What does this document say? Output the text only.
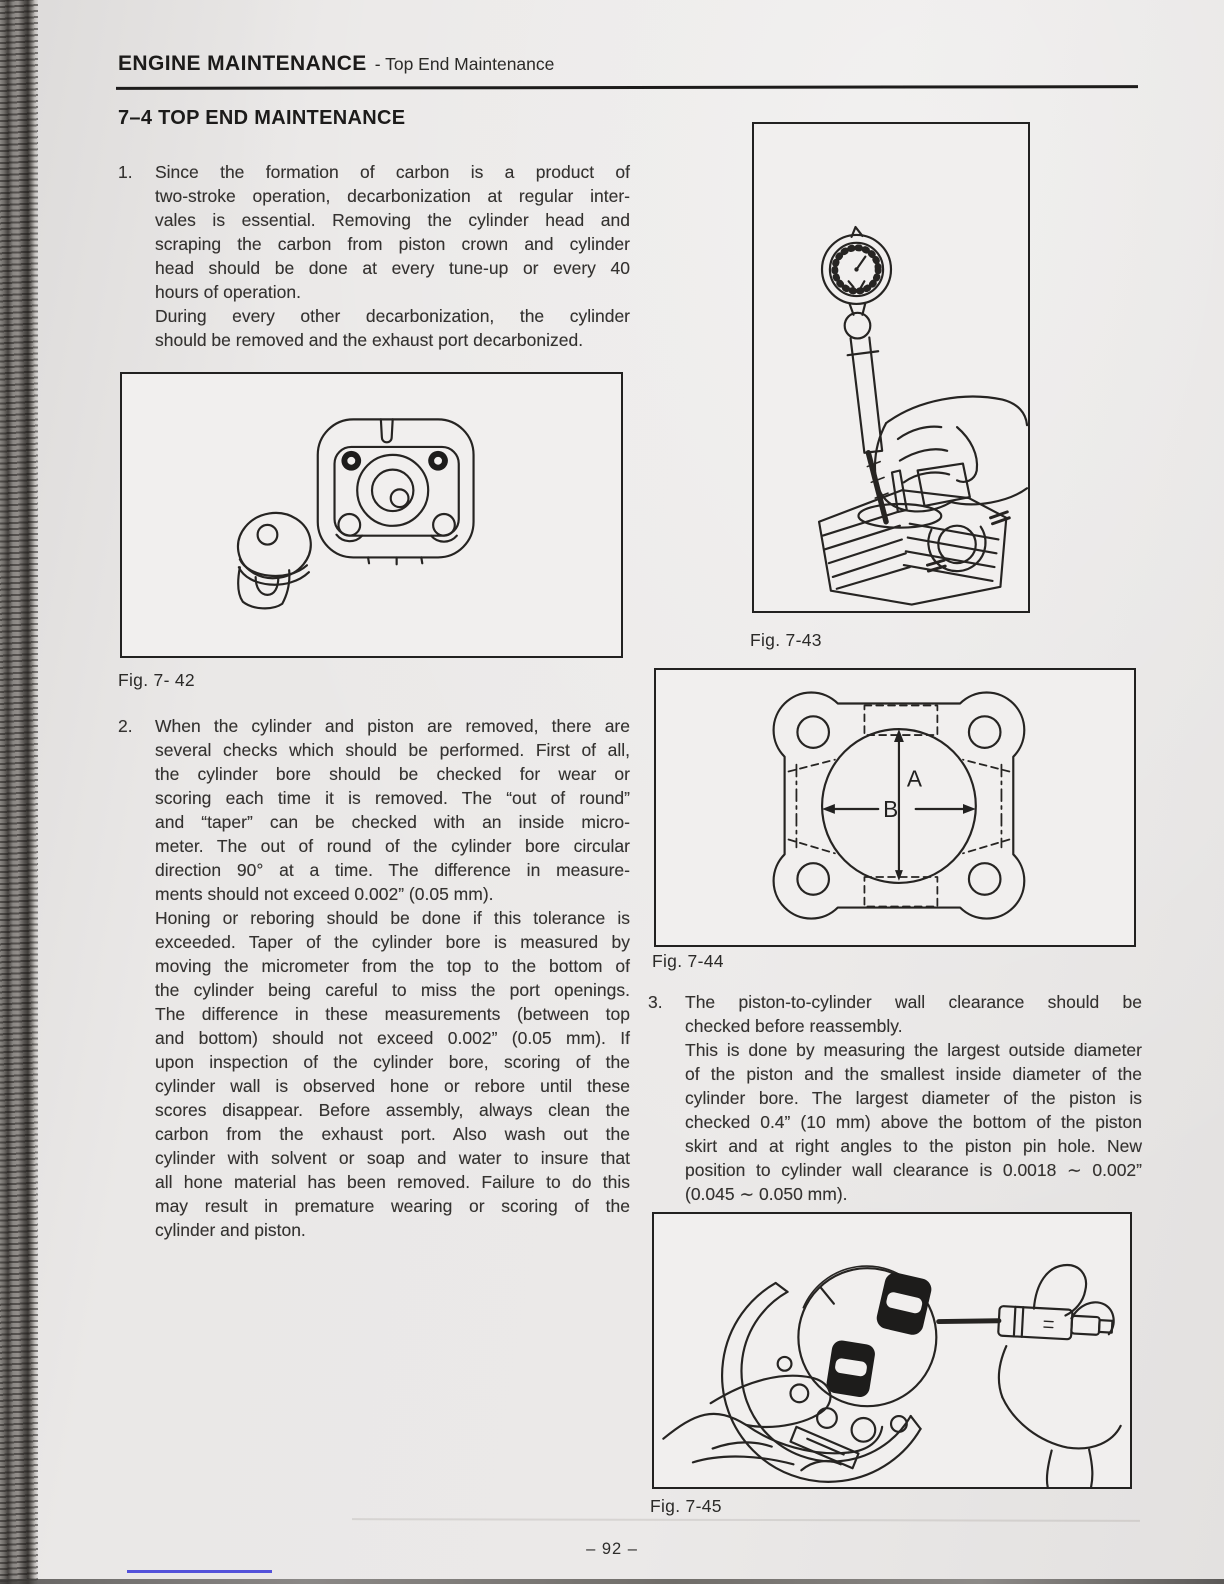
ENGINE MAINTENANCE - Top End Maintenance
7–4 TOP END MAINTENANCE
1.	Since the formation of carbon is a product of
two-stroke operation, decarbonization at regular inter-
vales is essential. Removing the cylinder head and
scraping the carbon from piston crown and cylinder
head should be done at every tune-up or every 40
hours of operation.
During every other decarbonization, the cylinder
should be removed and the exhaust port decarbonized.
Fig. 7- 42
2.	When the cylinder and piston are removed, there are
several checks which should be performed. First of all,
the cylinder bore should be checked for wear or
scoring each time it is removed. The “out of round”
and “taper” can be checked with an inside micro-
meter. The out of round of the cylinder bore circular
direction 90° at a time. The difference in measure-
ments should not exceed 0.002” (0.05 mm).
Honing or reboring should be done if this tolerance is
exceeded. Taper of the cylinder bore is measured by
moving the micrometer from the top to the bottom of
the cylinder being careful to miss the port openings.
The difference in these measurements (between top
and bottom) should not exceed 0.002” (0.05 mm). If
upon inspection of the cylinder bore, scoring of the
cylinder wall is observed hone or rebore until these
scores disappear. Before assembly, always clean the
carbon from the exhaust port. Also wash out the
cylinder with solvent or soap and water to insure that
all hone material has been removed. Failure to do this
may result in premature wearing or scoring of the
cylinder and piston.
Fig. 7-43
A
B
Fig. 7-44
3.	The piston-to-cylinder wall clearance should be
checked before reassembly.
This is done by measuring the largest outside diameter
of the piston and the smallest inside diameter of the
cylinder bore. The largest diameter of the piston is
checked 0.4” (10 mm) above the bottom of the piston
skirt and at right angles to the piston pin hole. New
position to cylinder wall clearance is 0.0018 ∼ 0.002”
(0.045 ∼ 0.050 mm).
Fig. 7-45
– 92 –
